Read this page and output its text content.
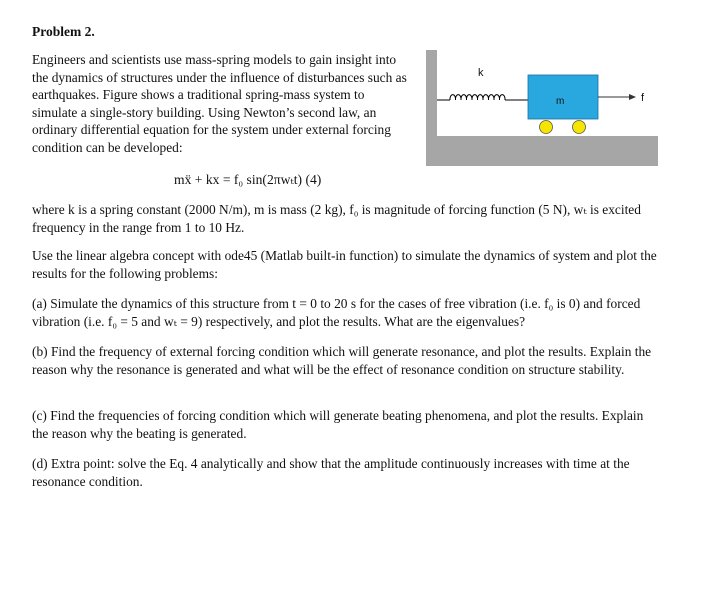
Problem 2.
Engineers and scientists use mass-spring models to gain insight into the dynamics of structures under the influence of disturbances such as earthquakes. Figure shows a traditional spring-mass system to simulate a single-story building. Using Newton’s second law, an ordinary differential equation for the system under external forcing condition can be developed:
k
m	f
mẍ + kx = f₀ sin(2πwₜt) (4)
where k is a spring constant (2000 N/m), m is mass (2 kg), f₀ is magnitude of forcing function (5 N), wₜ is excited frequency in the range from 1 to 10 Hz.
Use the linear algebra concept with ode45 (Matlab built-in function) to simulate the dynamics of system and plot the results for the following problems:
(a) Simulate the dynamics of this structure from t = 0 to 20 s for the cases of free vibration (i.e. f₀ is 0) and forced vibration (i.e. f₀ = 5 and wₜ = 9) respectively, and plot the results. What are the eigenvalues?
(b) Find the frequency of external forcing condition which will generate resonance, and plot the results. Explain the reason why the resonance is generated and what will be the effect of resonance condition on structure stability.
(c) Find the frequencies of forcing condition which will generate beating phenomena, and plot the results. Explain the reason why the beating is generated.
(d) Extra point: solve the Eq. 4 analytically and show that the amplitude continuously increases with time at the resonance condition.
